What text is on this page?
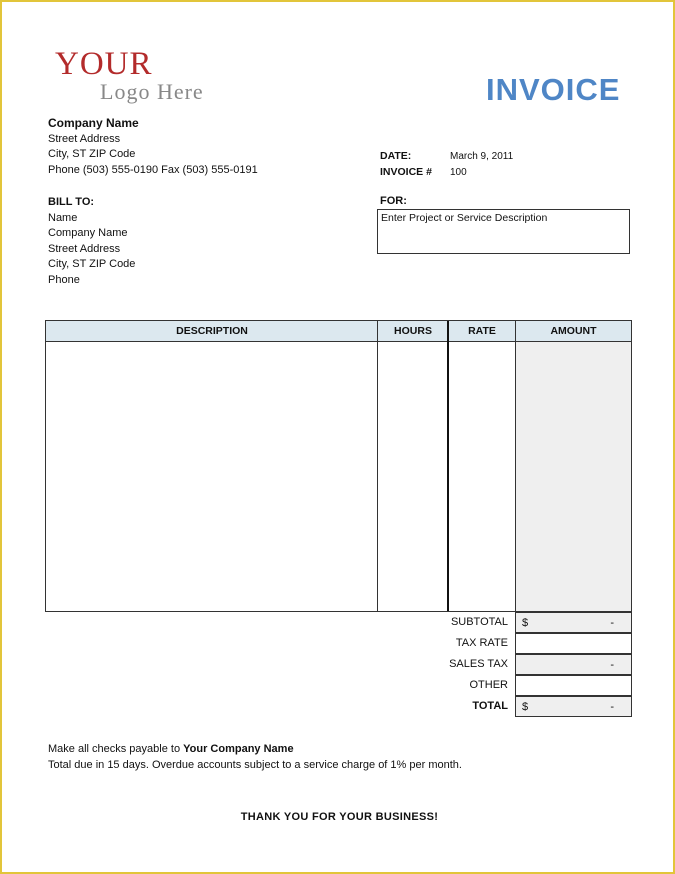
YOUR
Logo Here	INVOICE
Company Name
Street Address
City, ST ZIP Code
Phone (503) 555-0190 Fax (503) 555-0191
DATE:	March 9, 2011
INVOICE #	100
BILL TO:
Name
Company Name
Street Address
City, ST ZIP Code
Phone
FOR:
Enter Project or Service Description
DESCRIPTION	HOURS	RATE	AMOUNT
SUBTOTAL $	-
TAX RATE
SALES TAX	-
OTHER
TOTAL $	-
Make all checks payable to Your Company Name
Total due in 15 days. Overdue accounts subject to a service charge of 1% per month.
THANK YOU FOR YOUR BUSINESS!
